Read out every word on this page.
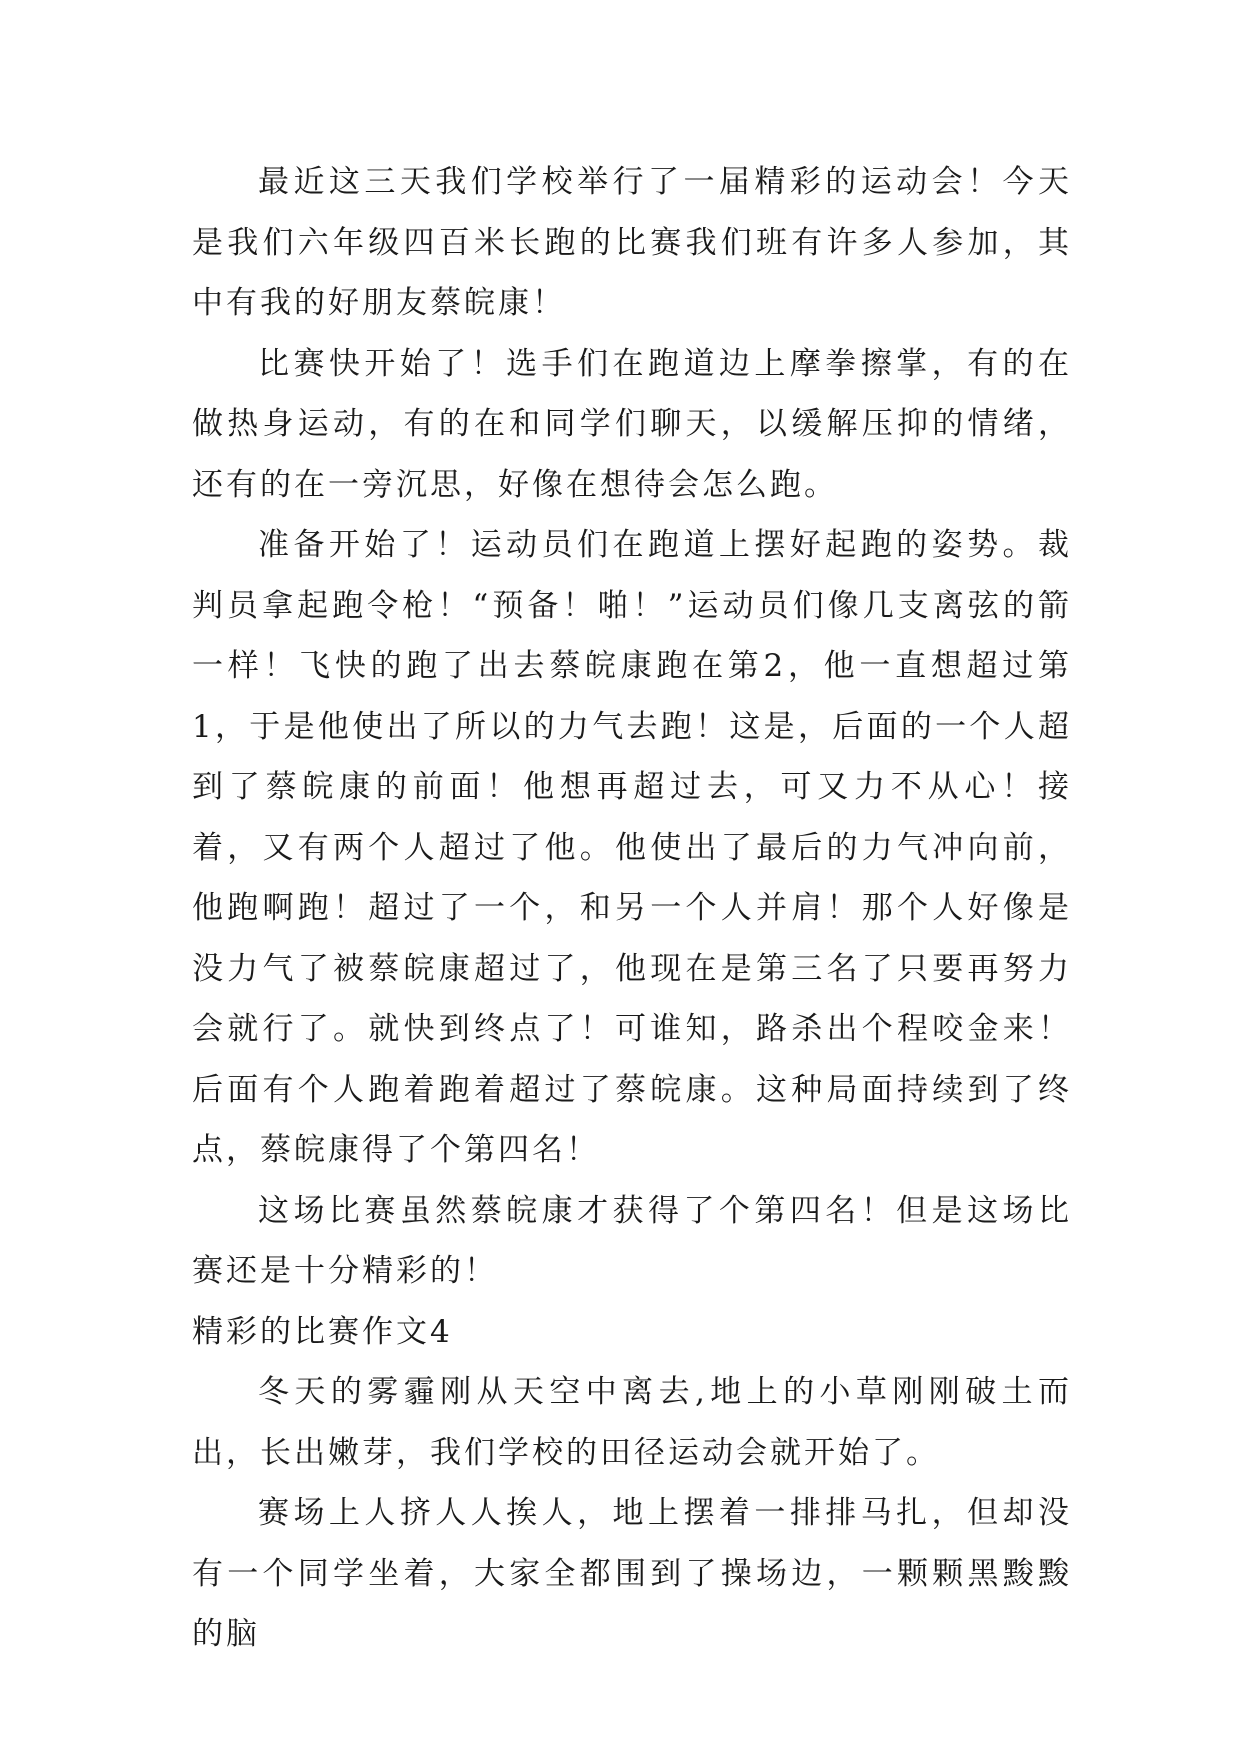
最近这三天我们学校举行了一届精彩的运动会！今天是我们六年级四百米长跑的比赛我们班有许多人参加，其中有我的好朋友蔡皖康！

比赛快开始了！选手们在跑道边上摩拳擦掌，有的在做热身运动，有的在和同学们聊天，以缓解压抑的情绪，还有的在一旁沉思，好像在想待会怎么跑。

准备开始了！运动员们在跑道上摆好起跑的姿势。裁判员拿起跑令枪！“预备！啪！”运动员们像几支离弦的箭一样！飞快的跑了出去蔡皖康跑在第2，他一直想超过第1，于是他使出了所以的力气去跑！这是，后面的一个人超到了蔡皖康的前面！他想再超过去，可又力不从心！接着，又有两个人超过了他。他使出了最后的力气冲向前，他跑啊跑！超过了一个，和另一个人并肩！那个人好像是没力气了被蔡皖康超过了，他现在是第三名了只要再努力会就行了。就快到终点了！可谁知，路杀出个程咬金来！后面有个人跑着跑着超过了蔡皖康。这种局面持续到了终点，蔡皖康得了个第四名！

这场比赛虽然蔡皖康才获得了个第四名！但是这场比赛还是十分精彩的！

精彩的比赛作文4

冬天的雾霾刚从天空中离去,地上的小草刚刚破土而出，长出嫩芽，我们学校的田径运动会就开始了。

赛场上人挤人人挨人，地上摆着一排排马扎，但却没有一个同学坐着，大家全都围到了操场边，一颗颗黑黢黢的脑
